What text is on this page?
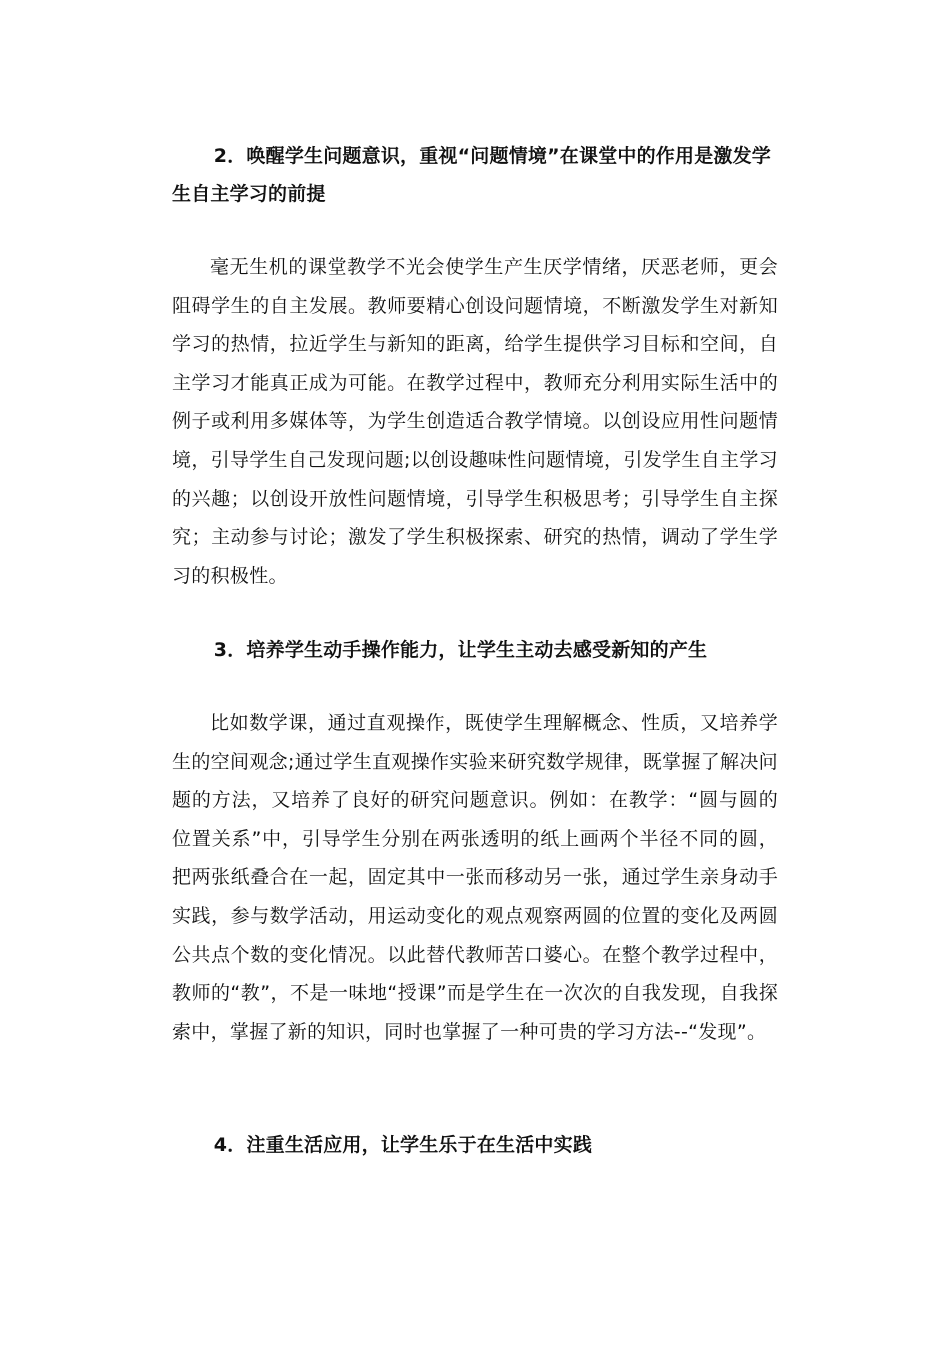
2．唤醒学生问题意识，重视“问题情境”在课堂中的作用是激发学生自主学习的前提

毫无生机的课堂教学不光会使学生产生厌学情绪，厌恶老师，更会阻碍学生的自主发展。教师要精心创设问题情境，不断激发学生对新知学习的热情，拉近学生与新知的距离，给学生提供学习目标和空间，自主学习才能真正成为可能。在教学过程中，教师充分利用实际生活中的例子或利用多媒体等，为学生创造适合教学情境。以创设应用性问题情境，引导学生自己发现问题;以创设趣味性问题情境，引发学生自主学习的兴趣；以创设开放性问题情境，引导学生积极思考；引导学生自主探究；主动参与讨论；激发了学生积极探索、研究的热情，调动了学生学习的积极性。

3．培养学生动手操作能力，让学生主动去感受新知的产生

比如数学课，通过直观操作，既使学生理解概念、性质，又培养学生的空间观念;通过学生直观操作实验来研究数学规律，既掌握了解决问题的方法，又培养了良好的研究问题意识。例如：在教学：“圆与圆的位置关系”中，引导学生分别在两张透明的纸上画两个半径不同的圆，把两张纸叠合在一起，固定其中一张而移动另一张，通过学生亲身动手实践，参与数学活动，用运动变化的观点观察两圆的位置的变化及两圆公共点个数的变化情况。以此替代教师苦口婆心。在整个教学过程中，教师的“教”，不是一味地“授课”而是学生在一次次的自我发现，自我探索中，掌握了新的知识，同时也掌握了一种可贵的学习方法--“发现”。

4．注重生活应用，让学生乐于在生活中实践
